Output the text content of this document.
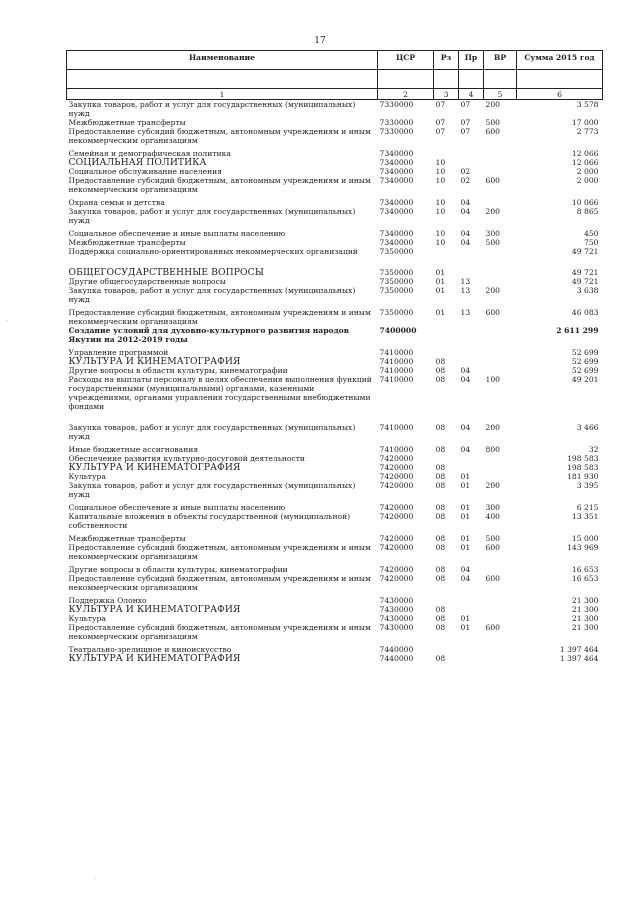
17
Наименование	ЦСР	Рз	Пр	ВР	Сумма 2015 год

1	2	3	4	5	6
Закупка товаров, работ и услуг для государственных (муниципальных) нужд	7330000	07	07	200	3 578
Межбюджетные трансферты	7330000	07	07	500	17 000
Предоставление субсидий бюджетным, автономным учреждениям и иным некоммерческим организациям	7330000	07	07	600	2 773
Семейная и демографическая политика	7340000				12 066
СОЦИАЛЬНАЯ ПОЛИТИКА	7340000	10			12 066
Социальное обслуживание населения	7340000	10	02		2 000
Предоставление субсидий бюджетным, автономным учреждениям и иным некоммерческим организациям	7340000	10	02	600	2 000
Охрана семьи и детства	7340000	10	04		10 066
Закупка товаров, работ и услуг для государственных (муниципальных) нужд	7340000	10	04	200	8 865
Социальное обеспечение и иные выплаты населению	7340000	10	04	300	450
Межбюджетные трансферты	7340000	10	04	500	750
Поддержка социально-ориентированных некоммерческих организаций	7350000				49 721
ОБЩЕГОСУДАРСТВЕННЫЕ ВОПРОСЫ	7350000	01			49 721
Другие общегосударственные вопросы	7350000	01	13		49 721
Закупка товаров, работ и услуг для государственных (муниципальных) нужд	7350000	01	13	200	3 638
Предоставление субсидий бюджетным, автономным учреждениям и иным некоммерческим организациям	7350000	01	13	600	46 083
Создание условий для духовно-культурного развития народов Якутии на 2012-2019 годы	7400000				2 611 299
Управление программой	7410000				52 699
КУЛЬТУРА И КИНЕМАТОГРАФИЯ	7410000	08			52 699
Другие вопросы в области культуры, кинематографии	7410000	08	04		52 699
Расходы на выплаты персоналу в целях обеспечения выполнения функций государственными (муниципальными) органами, казенными учреждениями, органами управления государственными внебюджетными фондами	7410000	08	04	100	49 201
Закупка товаров, работ и услуг для государственных (муниципальных) нужд	7410000	08	04	200	3 466
Иные бюджетные ассигнования	7410000	08	04	800	32
Обеспечение развития культурно-досуговой деятельности	7420000				198 583
КУЛЬТУРА И КИНЕМАТОГРАФИЯ	7420000	08			198 583
Культура	7420000	08	01		181 930
Закупка товаров, работ и услуг для государственных (муниципальных) нужд	7420000	08	01	200	3 395
Социальное обеспечение и иные выплаты населению	7420000	08	01	300	6 215
Капитальные вложения в объекты государственной (муниципальной) собственности	7420000	08	01	400	13 351
Межбюджетные трансферты	7420000	08	01	500	15 000
Предоставление субсидий бюджетным, автономным учреждениям и иным некоммерческим организациям	7420000	08	01	600	143 969
Другие вопросы в области культуры, кинематографии	7420000	08	04		16 653
Предоставление субсидий бюджетным, автономным учреждениям и иным некоммерческим организациям	7420000	08	04	600	16 653
Поддержка Олонхо	7430000				21 300
КУЛЬТУРА И КИНЕМАТОГРАФИЯ	7430000	08			21 300
Культура	7430000	08	01		21 300
Предоставление субсидий бюджетным, автономным учреждениям и иным некоммерческим организациям	7430000	08	01	600	21 300
Театрально-зрелищное и киноискусство	7440000				1 397 464
КУЛЬТУРА И КИНЕМАТОГРАФИЯ	7440000	08			1 397 464
·
·
